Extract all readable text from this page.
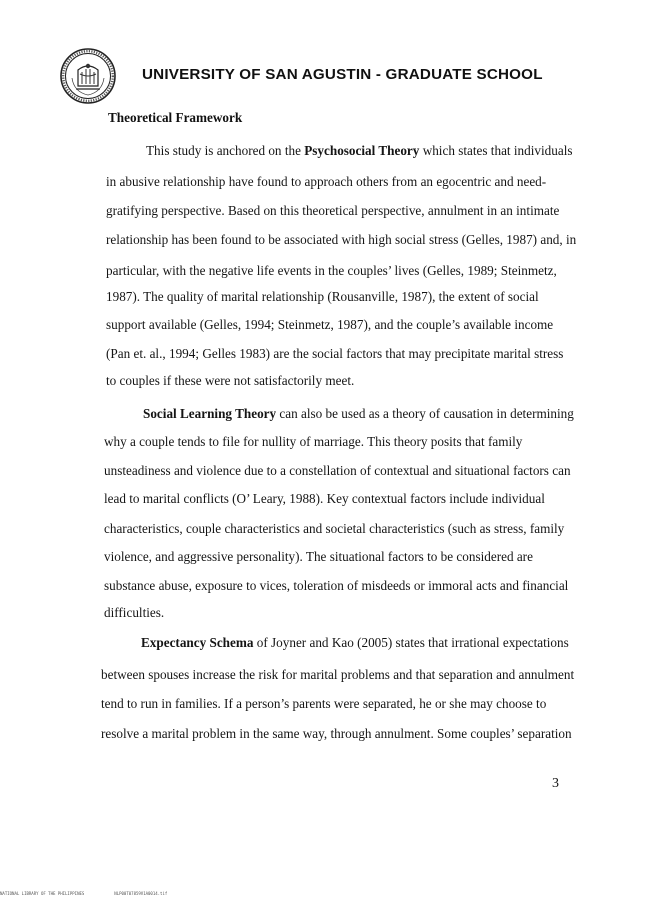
UNIVERSITY OF SAN AGUSTIN - GRADUATE SCHOOL
Theoretical Framework
This study is anchored on the Psychosocial Theory which states that individuals
in abusive relationship have found to approach others from an egocentric and need-
gratifying perspective. Based on this theoretical perspective, annulment in an intimate
relationship has been found to be associated with high social stress (Gelles, 1987) and, in
particular, with the negative life events in the couples’ lives (Gelles, 1989; Steinmetz,
1987). The quality of marital relationship (Rousanville, 1987), the extent of social
support available (Gelles, 1994; Steinmetz, 1987), and the couple’s available income
(Pan et. al., 1994; Gelles 1983) are the social factors that may precipitate marital stress
to couples if these were not satisfactorily meet.
Social Learning Theory can also be used as a theory of causation in determining
why a couple tends to file for nullity of marriage. This theory posits that family
unsteadiness and violence due to a constellation of contextual and situational factors can
lead to marital conflicts (O’ Leary, 1988). Key contextual factors include individual
characteristics, couple characteristics and societal characteristics (such as stress, family
violence, and aggressive personality). The situational factors to be considered are
substance abuse, exposure to vices, toleration of misdeeds or immoral acts and financial
difficulties.
Expectancy Schema of Joyner and Kao (2005) states that irrational expectations
between spouses increase the risk for marital problems and that separation and annulment
tend to run in families. If a person’s parents were separated, he or she may choose to
resolve a marital problem in the same way, through annulment. Some couples’ separation
3
NATIONAL LIBRARY OF THE PHILIPPINES	NLP00T07859V1A0014.tif
